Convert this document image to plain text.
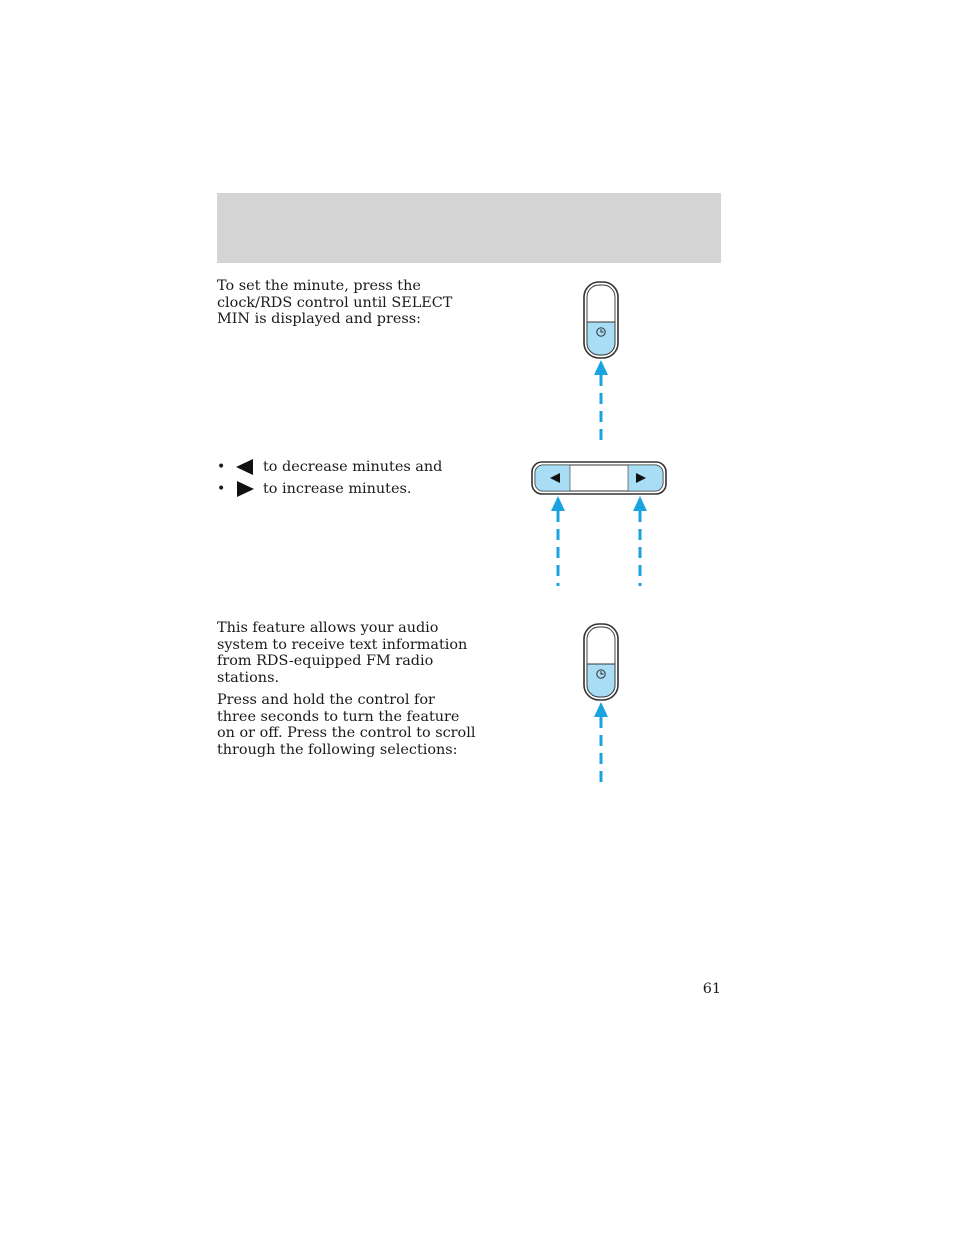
To set the minute, press the clock/RDS control until SELECT MIN is displayed and press:

•	to decrease minutes and
•	to increase minutes.

This feature allows your audio system to receive text information from RDS-equipped FM radio stations.

Press and hold the control for three seconds to turn the feature on or off. Press the control to scroll through the following selections:

61
